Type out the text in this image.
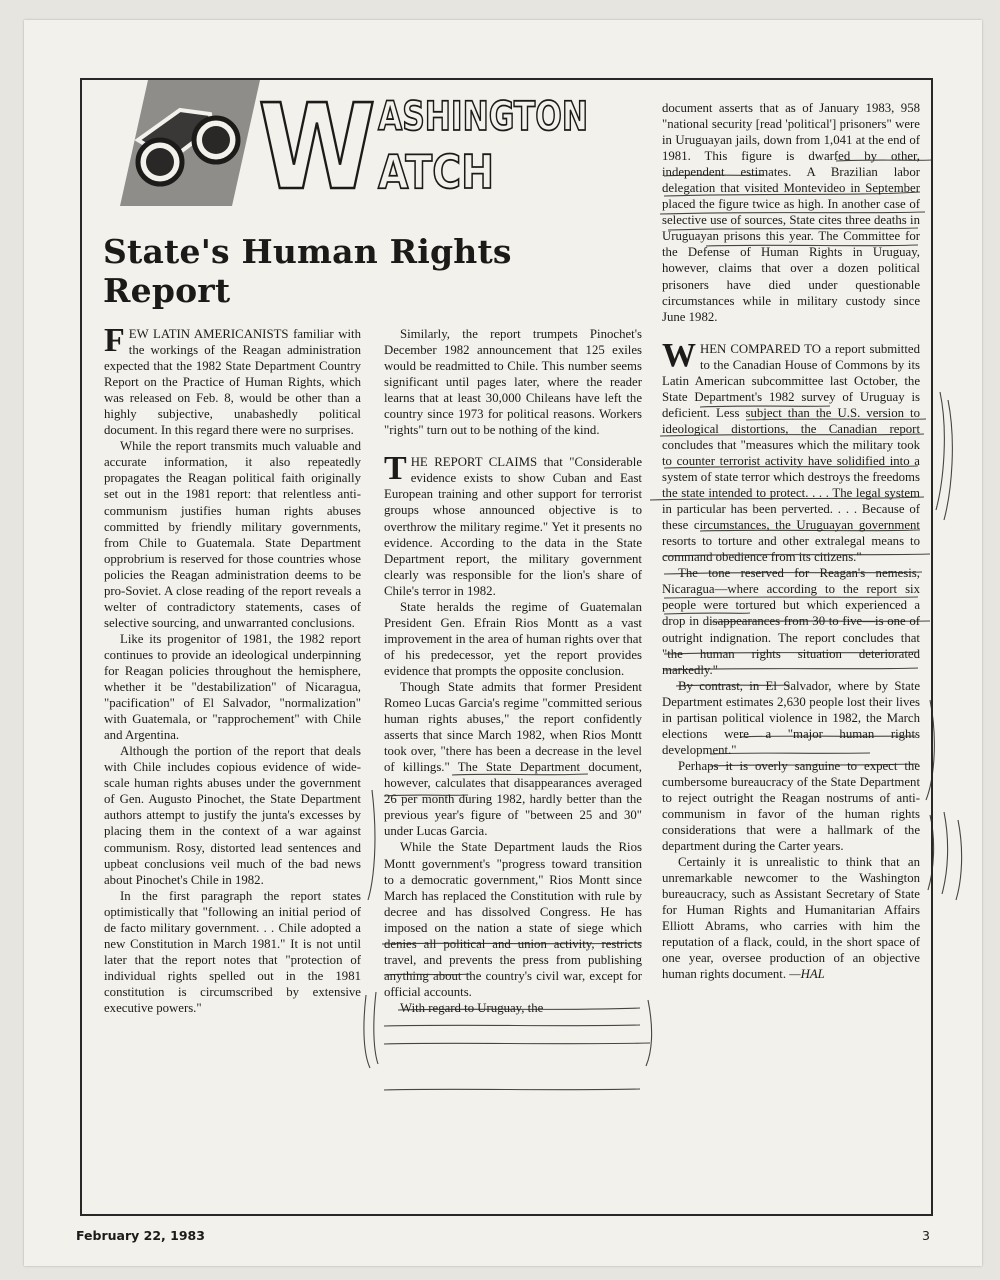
W ASHINGTON
ATCH
State's Human Rights Report

FEW LATIN AMERICANISTS familiar with the workings of the Reagan administration expected that the 1982 State Department Country Report on the Practice of Human Rights, which was released on Feb. 8, would be other than a highly subjective, unabashedly political document. In this regard there were no surprises.

While the report transmits much valuable and accurate information, it also repeatedly propagates the Reagan political faith originally set out in the 1981 report: that relentless anti-communism justifies human rights abuses committed by friendly military governments, from Chile to Guatemala. State Department opprobrium is reserved for those countries whose policies the Reagan administration deems to be pro-Soviet. A close reading of the report reveals a welter of contradictory statements, cases of selective sourcing, and unwarranted conclusions.

Like its progenitor of 1981, the 1982 report continues to provide an ideological underpinning for Reagan policies throughout the hemisphere, whether it be "destabilization" of Nicaragua, "pacification" of El Salvador, "normalization" with Guatemala, or "rapprochement" with Chile and Argentina.

Although the portion of the report that deals with Chile includes copious evidence of wide-scale human rights abuses under the government of Gen. Augusto Pinochet, the State Department authors attempt to justify the junta's excesses by placing them in the context of a war against communism. Rosy, distorted lead sentences and upbeat conclusions veil much of the bad news about Pinochet's Chile in 1982.

In the first paragraph the report states optimistically that "following an initial period of de facto military government. . . Chile adopted a new Constitution in March 1981." It is not until later that the report notes that "protection of individual rights spelled out in the 1981 constitution is circumscribed by extensive executive powers."

Similarly, the report trumpets Pinochet's December 1982 announcement that 125 exiles would be readmitted to Chile. This number seems significant until pages later, where the reader learns that at least 30,000 Chileans have left the country since 1973 for political reasons. Workers "rights" turn out to be nothing of the kind.

THE REPORT CLAIMS that "Considerable evidence exists to show Cuban and East European training and other support for terrorist groups whose announced objective is to overthrow the military regime." Yet it presents no evidence. According to the data in the State Department report, the military government clearly was responsible for the lion's share of Chile's terror in 1982.

State heralds the regime of Guatemalan President Gen. Efrain Rios Montt as a vast improvement in the area of human rights over that of his predecessor, yet the report provides evidence that prompts the opposite conclusion.

Though State admits that former President Romeo Lucas Garcia's regime "committed serious human rights abuses," the report confidently asserts that since March 1982, when Rios Montt took over, "there has been a decrease in the level of killings." The State Department document, however, calculates that disappearances averaged 26 per month during 1982, hardly better than the previous year's figure of "between 25 and 30" under Lucas Garcia.

While the State Department lauds the Rios Montt government's "progress toward transition to a democratic government," Rios Montt since March has replaced the Constitution with rule by decree and has dissolved Congress. He has imposed on the nation a state of siege which denies all political and union activity, restricts travel, and prevents the press from publishing anything about the country's civil war, except for official accounts.

With regard to Uruguay, the

document asserts that as of January 1983, 958 "national security [read 'political'] prisoners" were in Uruguayan jails, down from 1,041 at the end of 1981. This figure is dwarfed by other, independent estimates. A Brazilian labor delegation that visited Montevideo in September placed the figure twice as high. In another case of selective use of sources, State cites three deaths in Uruguayan prisons this year. The Committee for the Defense of Human Rights in Uruguay, however, claims that over a dozen political prisoners have died under questionable circumstances while in military custody since June 1982.

WHEN COMPARED TO a report submitted to the Canadian House of Commons by its Latin American subcommittee last October, the State Department's 1982 survey of Uruguay is deficient. Less subject than the U.S. version to ideological distortions, the Canadian report concludes that "measures which the military took to counter terrorist activity have solidified into a system of state terror which destroys the freedoms the state intended to protect. . . . The legal system in particular has been perverted. . . . Because of these circumstances, the Uruguayan government resorts to torture and other extralegal means to command obedience from its citizens."

The tone reserved for Reagan's nemesis, Nicaragua—where according to the report six people were tortured but which experienced a drop in disappearances from 30 to five—is one of outright indignation. The report concludes that "the human rights situation deteriorated markedly."

By contrast, in El Salvador, where by State Department estimates 2,630 people lost their lives in partisan political violence in 1982, the March elections were a "major human rights development."

Perhaps it is overly sanguine to expect the cumbersome bureaucracy of the State Department to reject outright the Reagan nostrums of anti-communism in favor of the human rights considerations that were a hallmark of the department during the Carter years.

Certainly it is unrealistic to think that an unremarkable newcomer to the Washington bureaucracy, such as Assistant Secretary of State for Human Rights and Humanitarian Affairs Elliott Abrams, who carries with him the reputation of a flack, could, in the short space of one year, oversee production of an objective human rights document. —HAL

February 22, 1983	3
